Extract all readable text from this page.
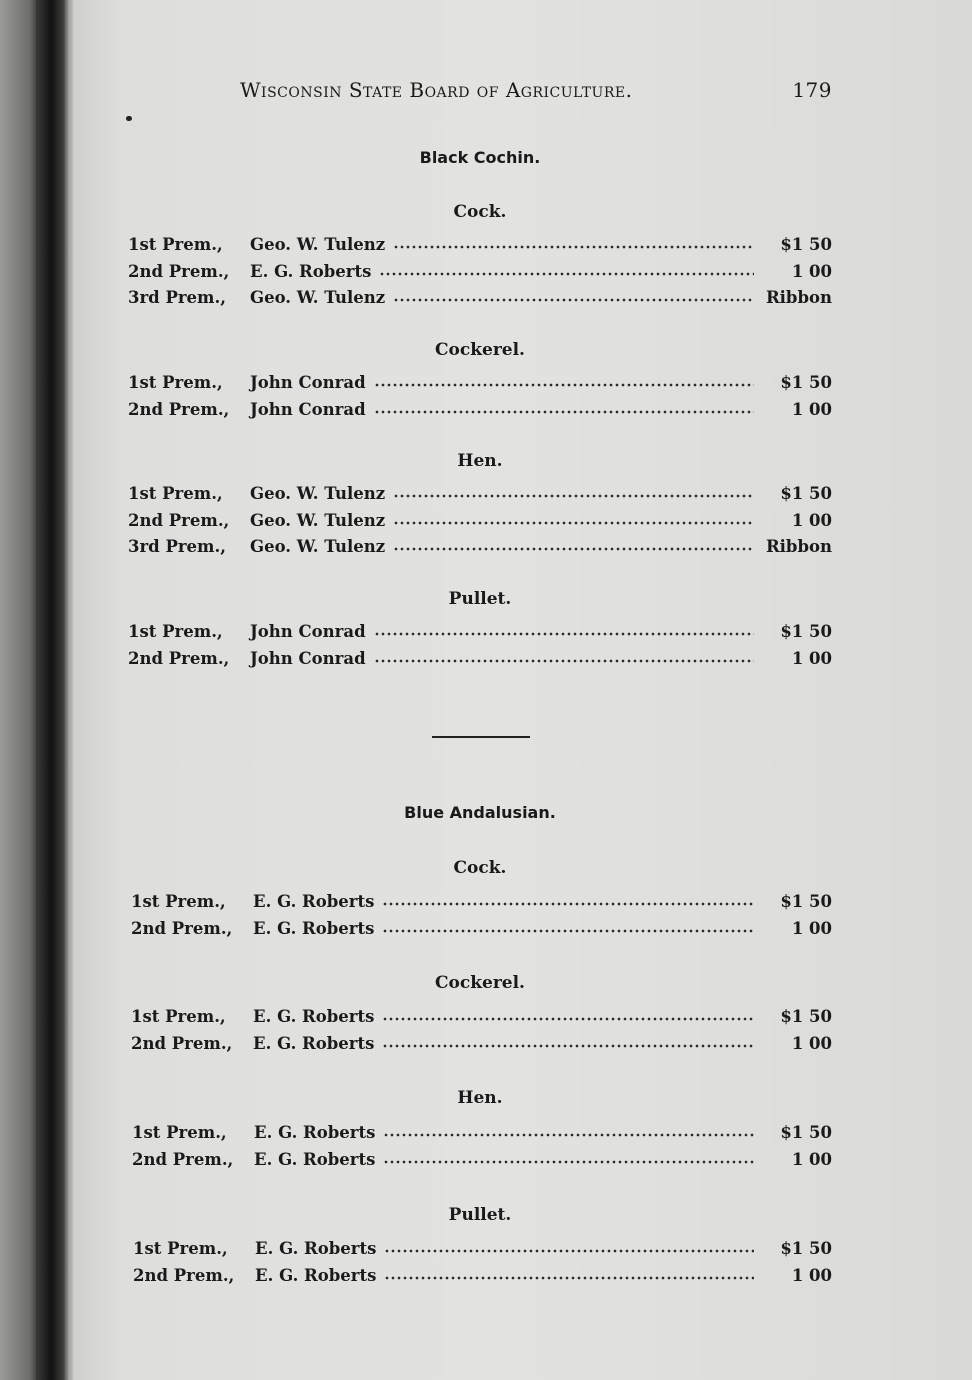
Wisconsin State Board of Agriculture.	179
Black Cochin.
Cock.
1st Prem.,	Geo. W. Tulenz	$1 50
2nd Prem.,	E. G. Roberts	1 00
3rd Prem.,	Geo. W. Tulenz	Ribbon
Cockerel.
1st Prem.,	John Conrad	$1 50
2nd Prem.,	John Conrad	1 00
Hen.
1st Prem.,	Geo. W. Tulenz	$1 50
2nd Prem.,	Geo. W. Tulenz	1 00
3rd Prem.,	Geo. W. Tulenz	Ribbon
Pullet.
1st Prem.,	John Conrad	$1 50
2nd Prem.,	John Conrad	1 00
Blue Andalusian.
Cock.
1st Prem.,	E. G. Roberts	$1 50
2nd Prem.,	E. G. Roberts	1 00
Cockerel.
1st Prem.,	E. G. Roberts	$1 50
2nd Prem.,	E. G. Roberts	1 00
Hen.
1st Prem.,	E. G. Roberts	$1 50
2nd Prem.,	E. G. Roberts	1 00
Pullet.
1st Prem.,	E. G. Roberts	$1 50
2nd Prem.,	E. G. Roberts	1 00
